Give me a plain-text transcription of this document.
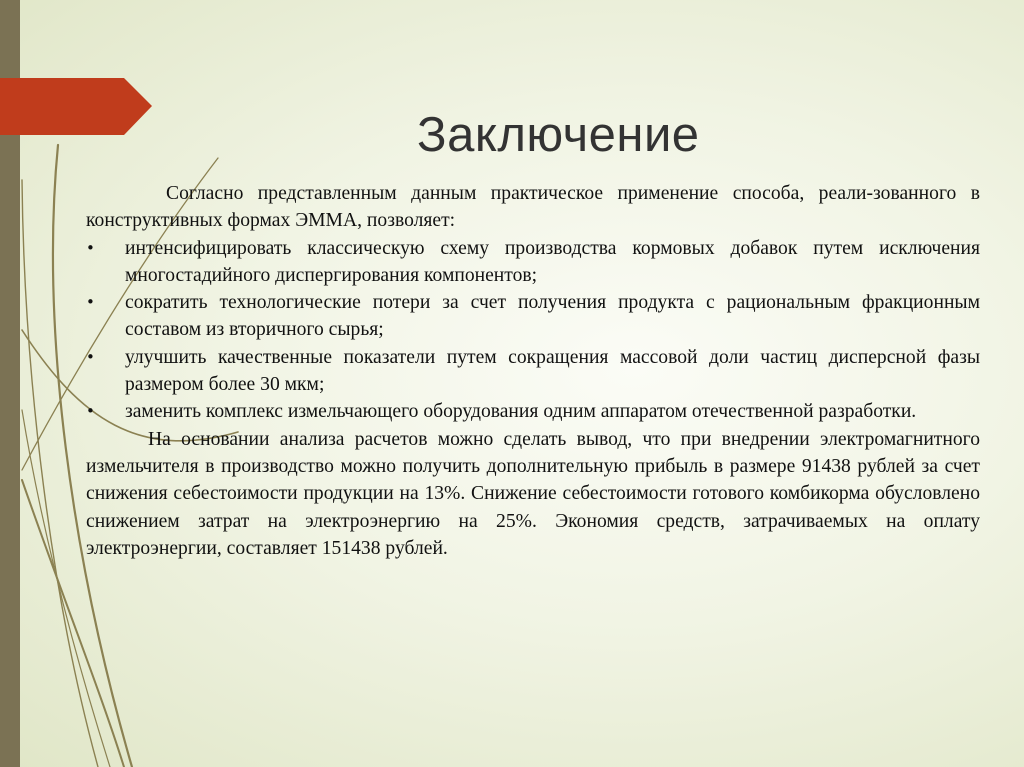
Заключение
Согласно представленным данным практическое применение способа, реали-зованного в конструктивных формах ЭММА, позволяет:
• интенсифицировать классическую схему производства кормовых добавок путем исключения многостадийного диспергирования компонентов;
• сократить технологические потери за счет получения продукта с рациональным фракционным составом из вторичного сырья;
• улучшить качественные показатели путем сокращения массовой доли частиц дисперсной фазы размером более 30 мкм;
• заменить комплекс измельчающего оборудования одним аппаратом отечественной разработки.
На основании анализа расчетов можно сделать вывод, что при внедрении электромагнитного измельчителя в производство можно получить дополнительную прибыль в размере 91438 рублей за счет снижения себестоимости продукции на 13%. Снижение себестоимости готового комбикорма обусловлено снижением затрат на электроэнергию на 25%. Экономия средств, затрачиваемых на оплату электроэнергии, составляет 151438 рублей.
